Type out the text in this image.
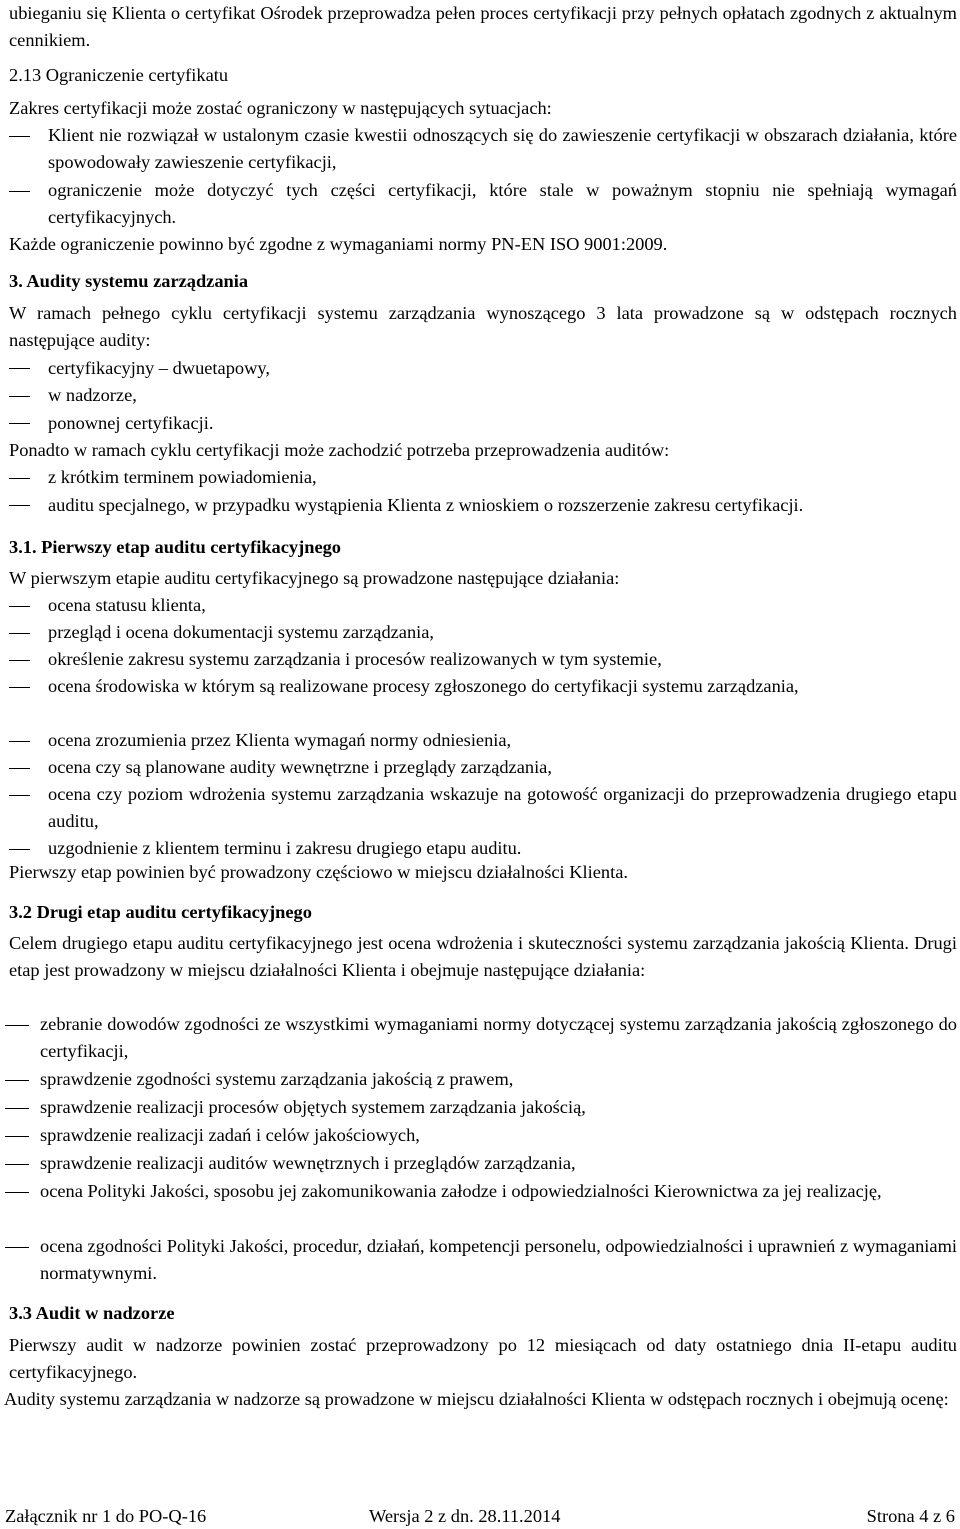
ubieganiu się Klienta o certyfikat Ośrodek przeprowadza pełen proces certyfikacji przy pełnych opłatach zgodnych z aktualnym cennikiem.

2.13 Ograniczenie certyfikatu

Zakres certyfikacji może zostać ograniczony w następujących sytuacjach:

Klient nie rozwiązał w ustalonym czasie kwestii odnoszących się do zawieszenie certyfikacji w obszarach działania, które spowodowały zawieszenie certyfikacji,

ograniczenie może dotyczyć tych części certyfikacji, które stale w poważnym stopniu nie spełniają wymagań certyfikacyjnych.

Każde ograniczenie powinno być zgodne z wymaganiami normy PN-EN ISO 9001:2009.

3. Audity systemu zarządzania

W ramach pełnego cyklu certyfikacji systemu zarządzania wynoszącego 3 lata prowadzone są w odstępach rocznych następujące audity:

certyfikacyjny – dwuetapowy,

w nadzorze,

ponownej certyfikacji.

Ponadto w ramach cyklu certyfikacji może zachodzić potrzeba przeprowadzenia auditów:

z krótkim terminem powiadomienia,

auditu specjalnego, w przypadku wystąpienia Klienta z wnioskiem o rozszerzenie zakresu certyfikacji.

3.1. Pierwszy etap auditu certyfikacyjnego

W pierwszym etapie auditu certyfikacyjnego są prowadzone następujące działania:

ocena statusu klienta,

przegląd i ocena dokumentacji systemu zarządzania,

określenie zakresu systemu zarządzania i procesów realizowanych w tym systemie,

ocena środowiska w którym są realizowane procesy zgłoszonego do certyfikacji systemu zarządzania,

ocena zrozumienia przez Klienta wymagań normy odniesienia,

ocena czy są planowane audity wewnętrzne i przeglądy zarządzania,

ocena czy poziom wdrożenia systemu zarządzania wskazuje na gotowość organizacji do przeprowadzenia drugiego etapu auditu,

uzgodnienie z klientem terminu i zakresu drugiego etapu auditu.

Pierwszy etap powinien być prowadzony częściowo w miejscu działalności Klienta.

3.2 Drugi etap auditu certyfikacyjnego

Celem drugiego etapu auditu certyfikacyjnego jest ocena wdrożenia i skuteczności systemu zarządzania jakością Klienta. Drugi etap jest prowadzony w miejscu działalności Klienta i obejmuje następujące działania:

zebranie dowodów zgodności ze wszystkimi wymaganiami normy dotyczącej systemu zarządzania jakością zgłoszonego do certyfikacji,

sprawdzenie zgodności systemu zarządzania jakością z prawem,

sprawdzenie realizacji procesów objętych systemem zarządzania jakością,

sprawdzenie realizacji zadań i celów jakościowych,

sprawdzenie realizacji auditów wewnętrznych i przeglądów zarządzania,

ocena Polityki Jakości, sposobu jej zakomunikowania załodze i odpowiedzialności Kierownictwa za jej realizację,

ocena zgodności Polityki Jakości, procedur, działań, kompetencji personelu, odpowiedzialności i uprawnień z wymaganiami normatywnymi.

3.3 Audit w nadzorze

Pierwszy audit w nadzorze powinien zostać przeprowadzony po 12 miesiącach od daty ostatniego dnia II-etapu auditu certyfikacyjnego.

Audity systemu zarządzania w nadzorze są prowadzone w miejscu działalności Klienta w odstępach rocznych i obejmują ocenę:

Załącznik nr 1 do PO-Q-16	Wersja 2 z dn. 28.11.2014	Strona 4 z 6
